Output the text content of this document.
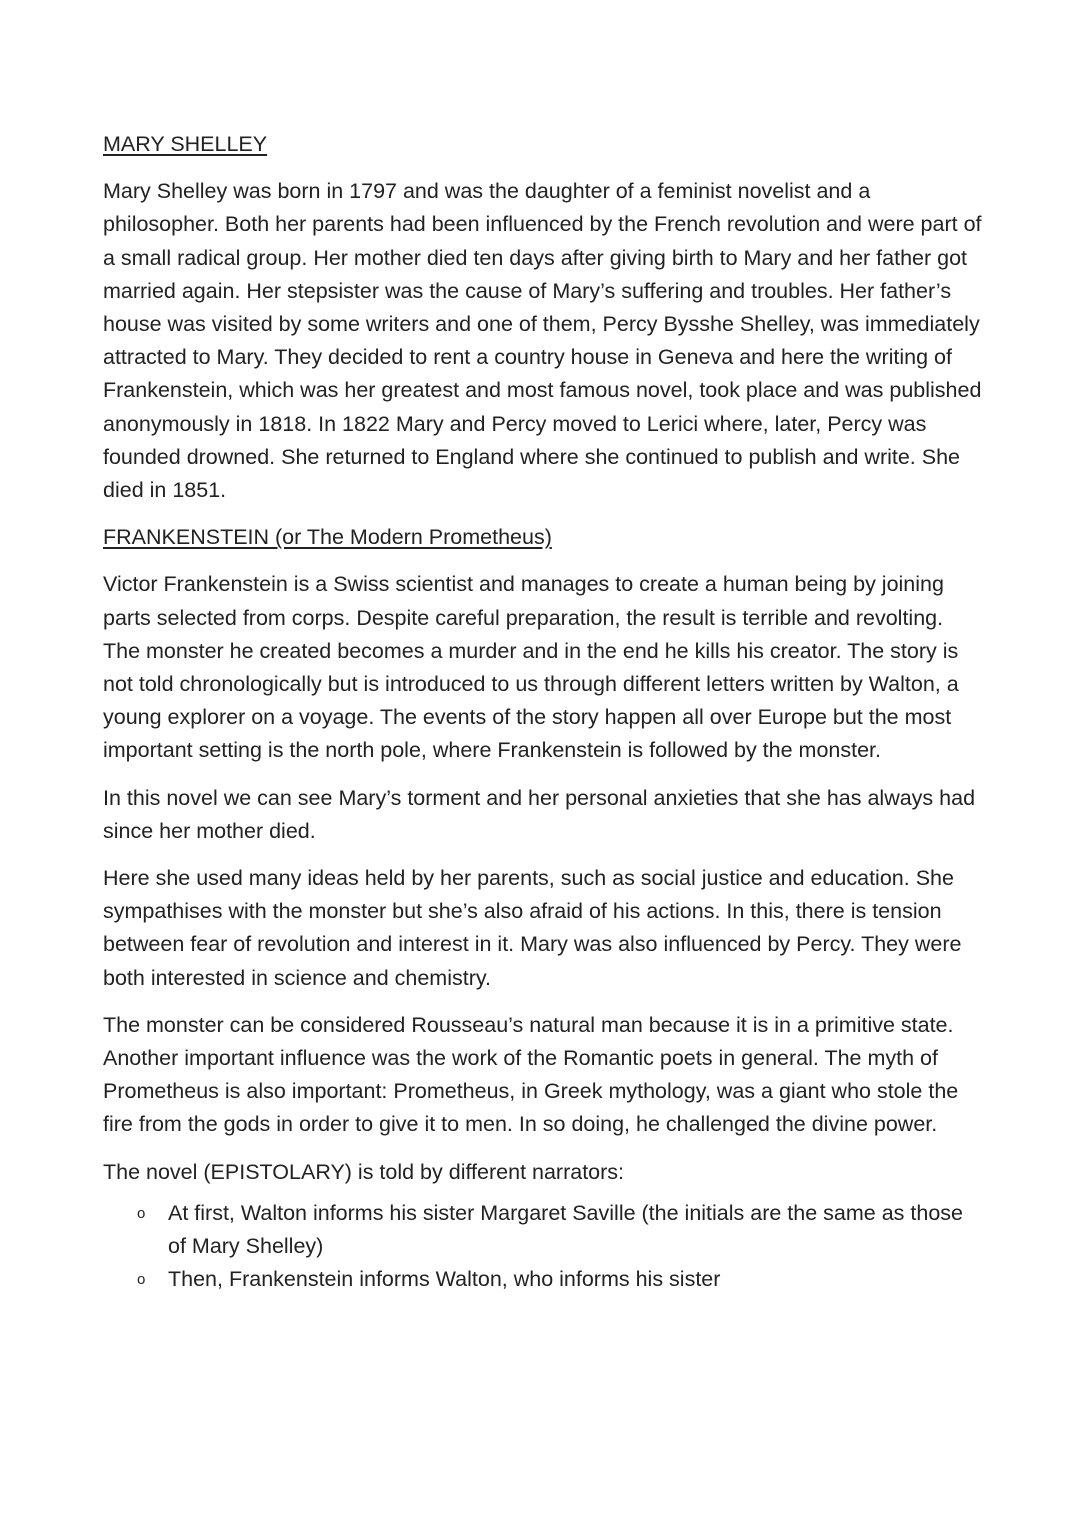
MARY SHELLEY

Mary Shelley was born in 1797 and was the daughter of a feminist novelist and a philosopher. Both her parents had been influenced by the French revolution and were part of a small radical group. Her mother died ten days after giving birth to Mary and her father got married again. Her stepsister was the cause of Mary’s suffering and troubles. Her father’s house was visited by some writers and one of them, Percy Bysshe Shelley, was immediately attracted to Mary. They decided to rent a country house in Geneva and here the writing of Frankenstein, which was her greatest and most famous novel, took place and was published anonymously in 1818. In 1822 Mary and Percy moved to Lerici where, later, Percy was founded drowned. She returned to England where she continued to publish and write. She died in 1851.

FRANKENSTEIN (or The Modern Prometheus)

Victor Frankenstein is a Swiss scientist and manages to create a human being by joining parts selected from corps. Despite careful preparation, the result is terrible and revolting. The monster he created becomes a murder and in the end he kills his creator. The story is not told chronologically but is introduced to us through different letters written by Walton, a young explorer on a voyage. The events of the story happen all over Europe but the most important setting is the north pole, where Frankenstein is followed by the monster.

In this novel we can see Mary’s torment and her personal anxieties that she has always had since her mother died.

Here she used many ideas held by her parents, such as social justice and education. She sympathises with the monster but she’s also afraid of his actions. In this, there is tension between fear of revolution and interest in it. Mary was also influenced by Percy. They were both interested in science and chemistry.

The monster can be considered Rousseau’s natural man because it is in a primitive state. Another important influence was the work of the Romantic poets in general. The myth of Prometheus is also important: Prometheus, in Greek mythology, was a giant who stole the fire from the gods in order to give it to men. In so doing, he challenged the divine power.

The novel (EPISTOLARY) is told by different narrators:

o At first, Walton informs his sister Margaret Saville (the initials are the same as those of Mary Shelley)
o Then, Frankenstein informs Walton, who informs his sister
